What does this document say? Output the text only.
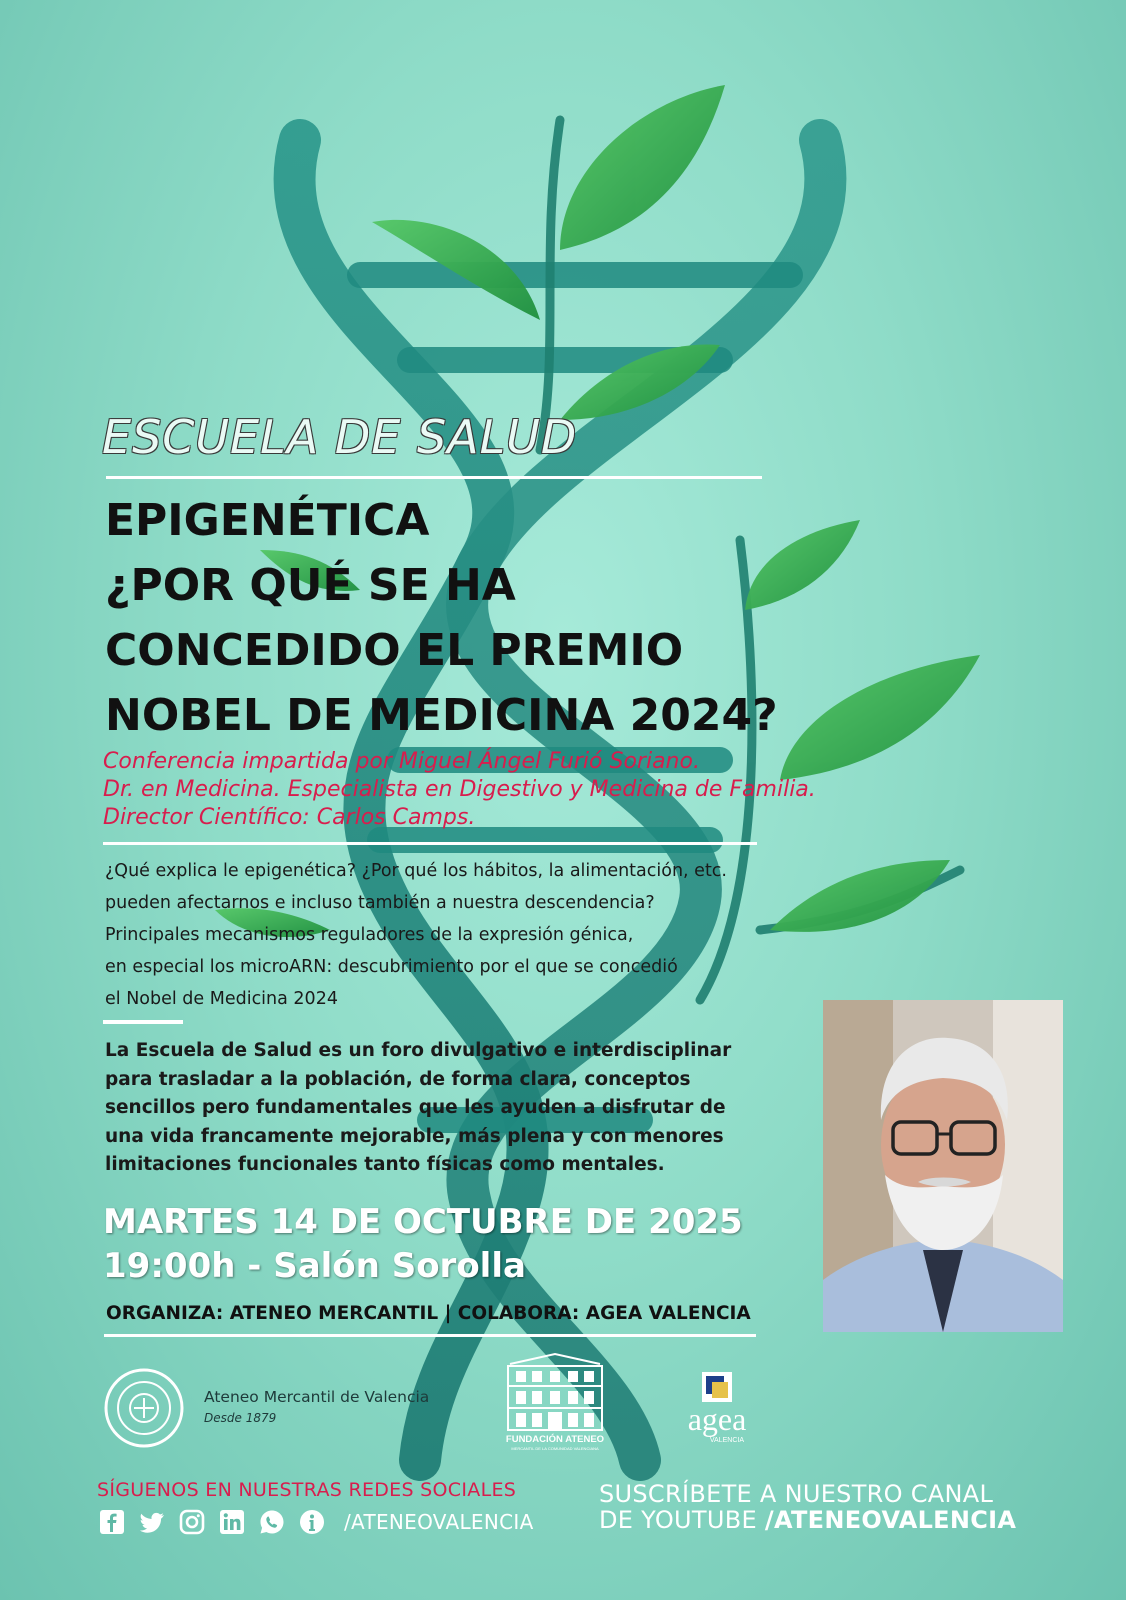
ESCUELA DE SALUD
EPIGENÉTICA
¿POR QUÉ SE HA
CONCEDIDO EL PREMIO
NOBEL DE MEDICINA 2024?
Conferencia impartida por Miguel Ángel Furió Soriano.
Dr. en Medicina. Especialista en Digestivo y Medicina de Familia.
Director Científico: Carlos Camps.
¿Qué explica le epigenética? ¿Por qué los hábitos, la alimentación, etc.
pueden afectarnos e incluso también a nuestra descendencia?
Principales mecanismos reguladores de la expresión génica,
en especial los microARN: descubrimiento por el que se concedió
el Nobel de Medicina 2024
La Escuela de Salud es un foro divulgativo e interdisciplinar
para trasladar a la población, de forma clara, conceptos
sencillos pero fundamentales que les ayuden a disfrutar de
una vida francamente mejorable, más plena y con menores
limitaciones funcionales tanto físicas como mentales.
MARTES 14 DE OCTUBRE DE 2025
19:00h - Salón Sorolla
ORGANIZA: ATENEO MERCANTIL | COLABORA: AGEA VALENCIA
Ateneo Mercantil de Valencia
Desde 1879
FUNDACIÓN ATENEO
MERCANTIL DE LA COMUNIDAD VALENCIANA
agea
VALENCIA
SÍGUENOS EN NUESTRAS REDES SOCIALES
/ATENEOVALENCIA
SUSCRÍBETE A NUESTRO CANAL
DE YOUTUBE /ATENEOVALENCIA
